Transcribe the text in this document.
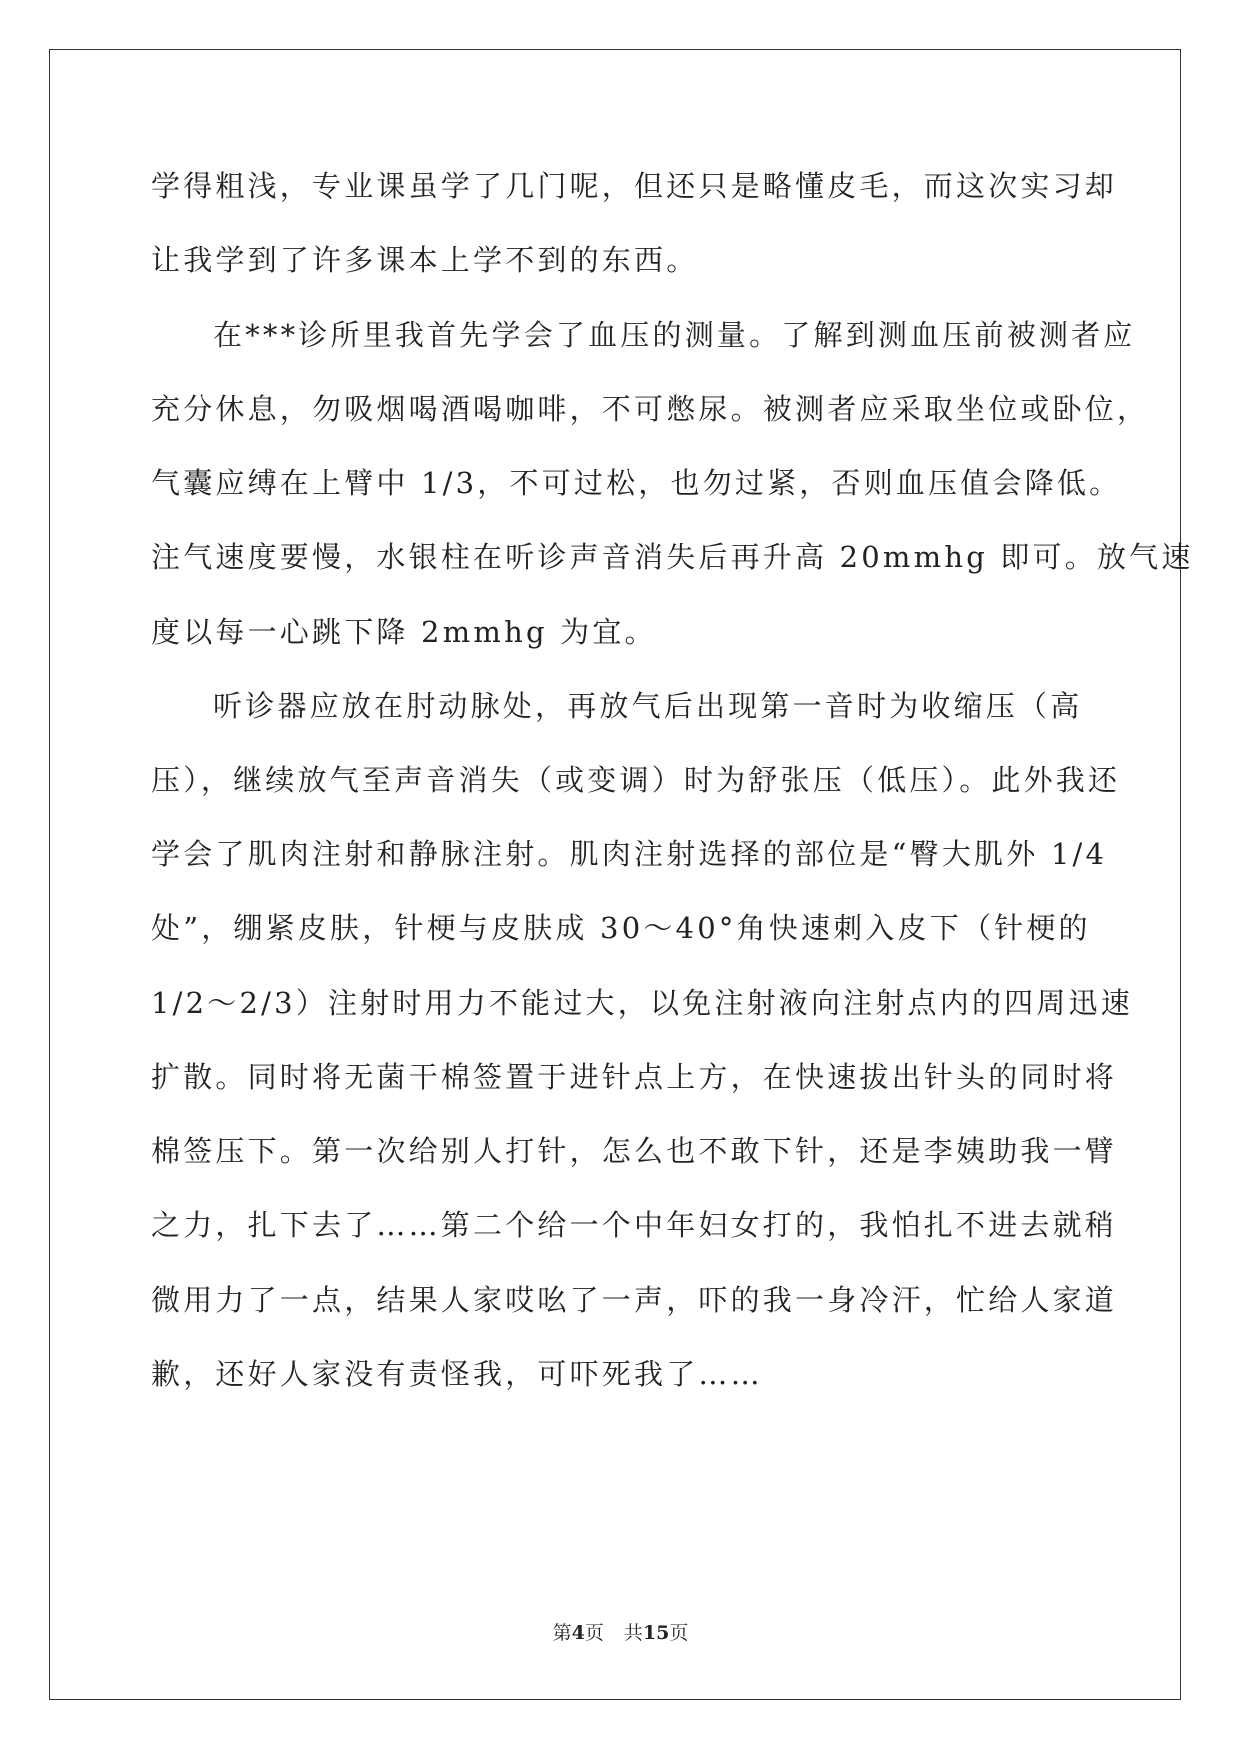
学得粗浅，专业课虽学了几门呢，但还只是略懂皮毛，而这次实习却
让我学到了许多课本上学不到的东西。
在***诊所里我首先学会了血压的测量。了解到测血压前被测者应
充分休息，勿吸烟喝酒喝咖啡，不可憋尿。被测者应采取坐位或卧位，
气囊应缚在上臂中 1/3，不可过松，也勿过紧，否则血压值会降低。
注气速度要慢，水银柱在听诊声音消失后再升高 20mmhg 即可。放气速
度以每一心跳下降 2mmhg 为宜。
听诊器应放在肘动脉处，再放气后出现第一音时为收缩压（高
压），继续放气至声音消失（或变调）时为舒张压（低压）。此外我还
学会了肌肉注射和静脉注射。肌肉注射选择的部位是“臀大肌外 1/4
处”，绷紧皮肤，针梗与皮肤成 30～40°角快速刺入皮下（针梗的
1/2～2/3）注射时用力不能过大，以免注射液向注射点内的四周迅速
扩散。同时将无菌干棉签置于进针点上方，在快速拔出针头的同时将
棉签压下。第一次给别人打针，怎么也不敢下针，还是李姨助我一臂
之力，扎下去了……第二个给一个中年妇女打的，我怕扎不进去就稍
微用力了一点，结果人家哎吆了一声，吓的我一身冷汗，忙给人家道
歉，还好人家没有责怪我，可吓死我了……
第4页 共15页
